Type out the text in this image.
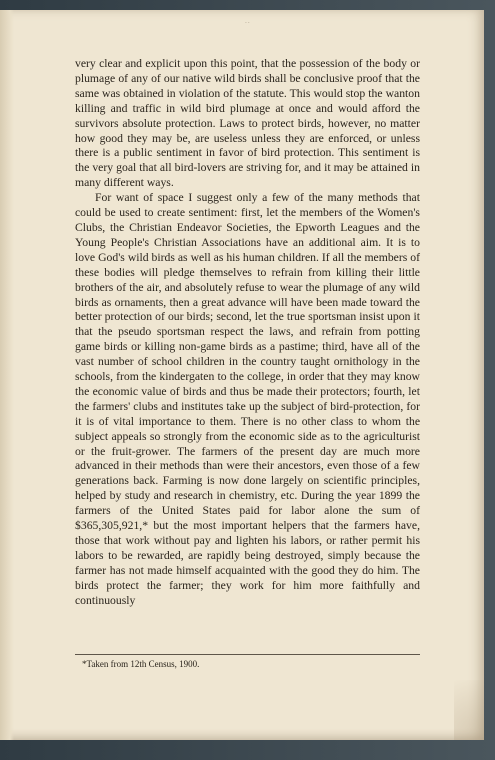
··

very clear and explicit upon this point, that the possession of the body or plumage of any of our native wild birds shall be conclusive proof that the same was obtained in violation of the statute. This would stop the wanton killing and traffic in wild bird plumage at once and would afford the survivors absolute protection. Laws to protect birds, however, no matter how good they may be, are useless unless they are enforced, or unless there is a public sentiment in favor of bird protection. This sentiment is the very goal that all bird-lovers are striving for, and it may be attained in many different ways.

For want of space I suggest only a few of the many methods that could be used to create sentiment: first, let the members of the Women's Clubs, the Christian Endeavor Societies, the Epworth Leagues and the Young People's Christian Associations have an additional aim. It is to love God's wild birds as well as his human children. If all the members of these bodies will pledge themselves to refrain from killing their little brothers of the air, and absolutely refuse to wear the plumage of any wild birds as ornaments, then a great advance will have been made toward the better protection of our birds; second, let the true sportsman insist upon it that the pseudo sportsman respect the laws, and refrain from potting game birds or killing non-game birds as a pastime; third, have all of the vast number of school children in the country taught ornithology in the schools, from the kindergaten to the college, in order that they may know the economic value of birds and thus be made their protectors; fourth, let the farmers' clubs and institutes take up the subject of bird-protection, for it is of vital importance to them. There is no other class to whom the subject appeals so strongly from the economic side as to the agriculturist or the fruit-grower. The farmers of the present day are much more advanced in their methods than were their ancestors, even those of a few generations back. Farming is now done largely on scientific principles, helped by study and research in chemistry, etc. During the year 1899 the farmers of the United States paid for labor alone the sum of $365,305,921,* but the most important helpers that the farmers have, those that work without pay and lighten his labors, or rather permit his labors to be rewarded, are rapidly being destroyed, simply because the farmer has not made himself acquainted with the good they do him. The birds protect the farmer; they work for him more faithfully and continuously

*Taken from 12th Census, 1900.
